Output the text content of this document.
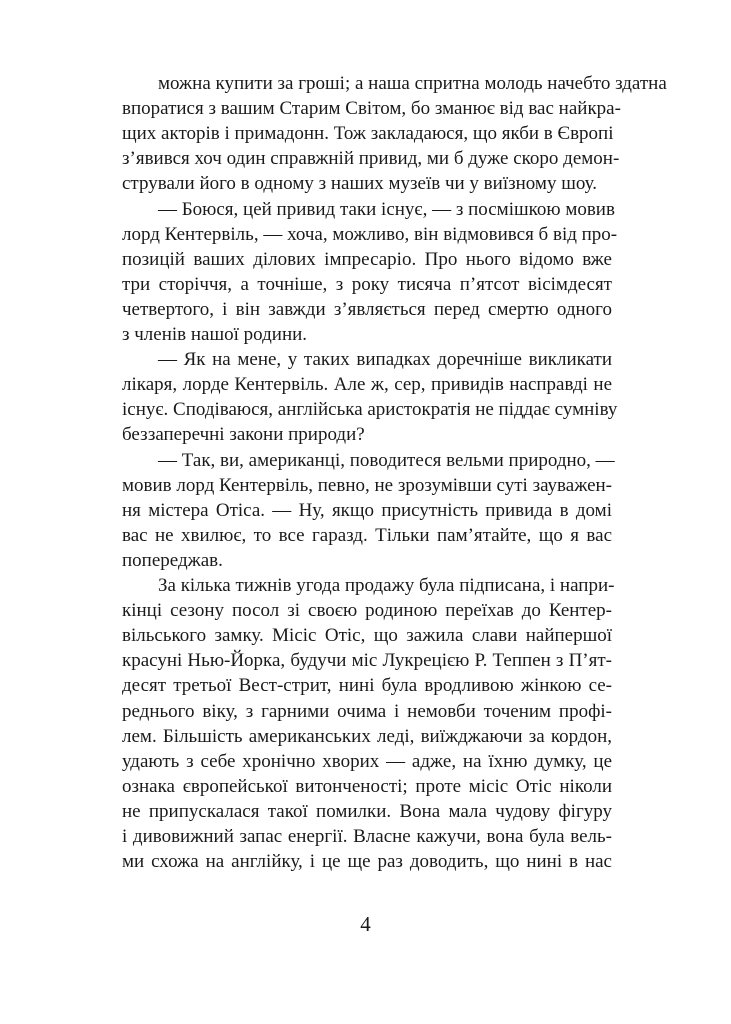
можна купити за гроші; а наша спритна молодь начебто здатна
впоратися з вашим Старим Світом, бо зманює від вас найкра-
щих акторів і примадонн. Тож закладаюся, що якби в Європі
з’явився хоч один справжній привид, ми б дуже скоро демон-
стрували його в одному з наших музеїв чи у виїзному шоу.
— Боюся, цей привид таки існує, — з посмішкою мовив
лорд Кентервіль, — хоча, можливо, він відмовився б від про-
позицій ваших ділових імпресаріо. Про нього відомо вже
три сторіччя, а точніше, з року тисяча п’ятсот вісімдесят
четвертого, і він завжди з’являється перед смертю одного
з членів нашої родини.
— Як на мене, у таких випадках доречніше викликати
лікаря, лорде Кентервіль. Але ж, сер, привидів насправді не
існує. Сподіваюся, англійська аристократія не піддає сумніву
беззаперечні закони природи?
— Так, ви, американці, поводитеся вельми природно, —
мовив лорд Кентервіль, певно, не зрозумівши суті зауважен-
ня містера Отіса. — Ну, якщо присутність привида в домі
вас не хвилює, то все гаразд. Тільки пам’ятайте, що я вас
попереджав.
За кілька тижнів угода продажу була підписана, і напри-
кінці сезону посол зі своєю родиною переїхав до Кентер-
вільського замку. Місіс Отіс, що зажила слави найпершої
красуні Нью-Йорка, будучи міс Лукрецією Р. Теппен з П’ят-
десят третьої Вест-стрит, нині була вродливою жінкою се-
реднього віку, з гарними очима і немовби точеним профі-
лем. Більшість американських леді, виїжджаючи за кордон,
удають з себе хронічно хворих — адже, на їхню думку, це
ознака європейської витонченості; проте місіс Отіс ніколи
не припускалася такої помилки. Вона мала чудову фігуру
і дивовижний запас енергії. Власне кажучи, вона була вель-
ми схожа на англійку, і це ще раз доводить, що нині в нас
4
